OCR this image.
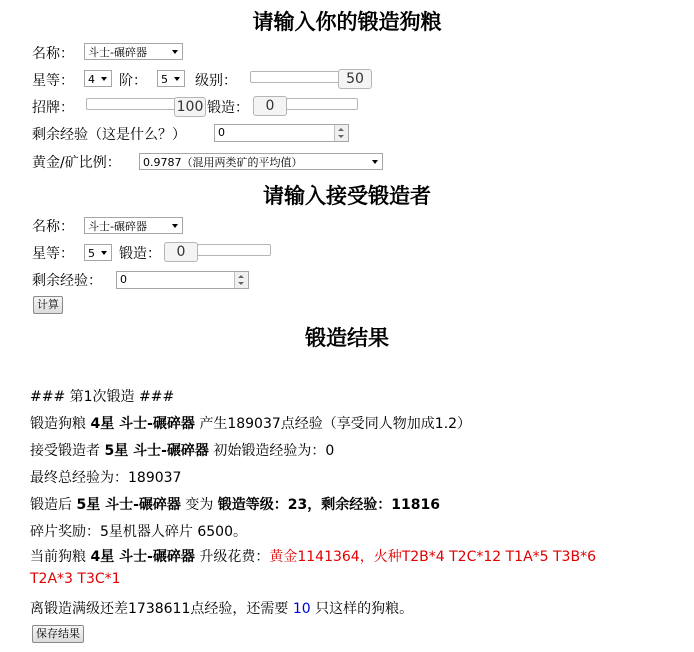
请输入你的锻造狗粮
名称：	斗士-碾碎器
星等：	4	阶：	5	级别：	50
招牌：	100 锻造：	0
剩余经验（这是什么？）	0
黄金/矿比例：	0.9787（混用两类矿的平均值）
请输入接受锻造者
名称：	斗士-碾碎器
星等：	5	锻造：	0
剩余经验：	0
计算
锻造结果
### 第1次锻造 ###
锻造狗粮 4星 斗士-碾碎器 产生189037点经验（享受同人物加成1.2）
接受锻造者 5星 斗士-碾碎器 初始锻造经验为：0
最终总经验为：189037
锻造后 5星 斗士-碾碎器 变为 锻造等级：23，剩余经验：11816
碎片奖励：5星机器人碎片 6500。
当前狗粮 4星 斗士-碾碎器 升级花费：黄金1141364，火种T2B*4 T2C*12 T1A*5 T3B*6
T2A*3 T3C*1
离锻造满级还差1738611点经验，还需要 10 只这样的狗粮。
保存结果
